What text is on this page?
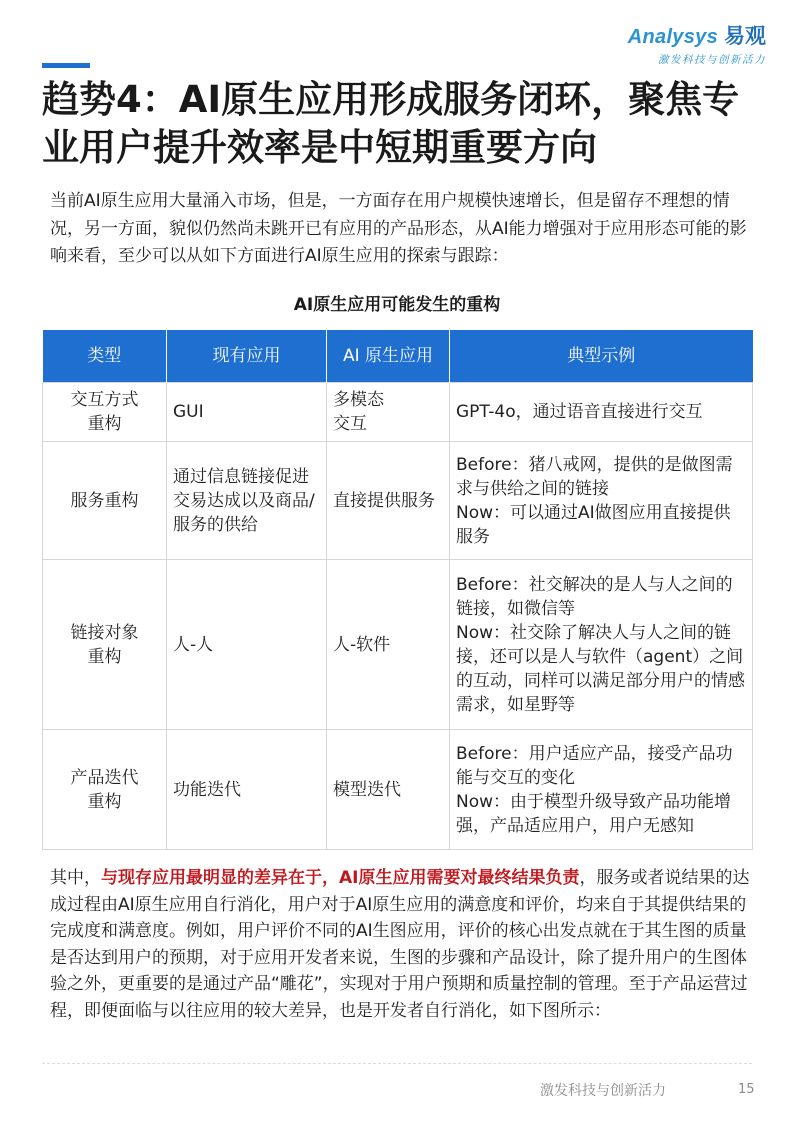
Analysys 易观
激发科技与创新活力
趋势4：AI原生应用形成服务闭环，聚焦专业用户提升效率是中短期重要方向

当前AI原生应用大量涌入市场，但是，一方面存在用户规模快速增长，但是留存不理想的情况，另一方面，貌似仍然尚未跳开已有应用的产品形态，从AI能力增强对于应用形态可能的影响来看，至少可以从如下方面进行AI原生应用的探索与跟踪：

AI原生应用可能发生的重构
类型	现有应用	AI 原生应用	典型示例
交互方式重构	GUI	多模态交互	GPT-4o，通过语音直接进行交互

服务重构	通过信息链接促进交易达成以及商品/服务的供给	直接提供服务	Before：猪八戒网，提供的是做图需求与供给之间的链接

Now：可以通过AI做图应用直接提供服务

链接对象重构	人-人	人-软件	Before：社交解决的是人与人之间的链接，如微信等

Now：社交除了解决人与人之间的链接，还可以是人与软件（agent）之间的互动，同样可以满足部分用户的情感需求，如星野等

产品迭代重构	功能迭代	模型迭代	Before：用户适应产品，接受产品功能与交互的变化

Now：由于模型升级导致产品功能增强，产品适应用户，用户无感知

其中，与现存应用最明显的差异在于，AI原生应用需要对最终结果负责，服务或者说结果的达成过程由AI原生应用自行消化，用户对于AI原生应用的满意度和评价，均来自于其提供结果的完成度和满意度。例如，用户评价不同的AI生图应用，评价的核心出发点就在于其生图的质量是否达到用户的预期，对于应用开发者来说，生图的步骤和产品设计，除了提升用户的生图体验之外，更重要的是通过产品“雕花”，实现对于用户预期和质量控制的管理。至于产品运营过程，即便面临与以往应用的较大差异，也是开发者自行消化，如下图所示：

激发科技与创新活力	15
